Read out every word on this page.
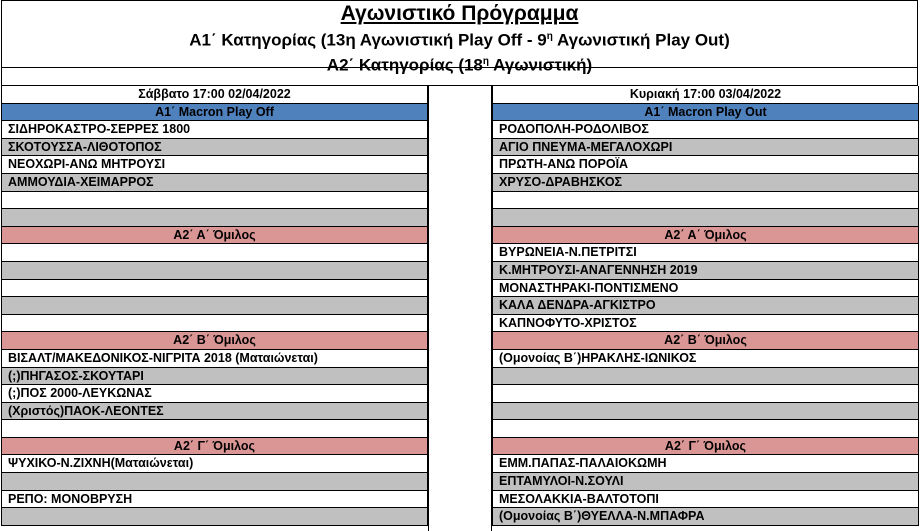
Αγωνιστικό Πρόγραμμα
Α1΄ Κατηγορίας (13η Αγωνιστική Play Off - $9^\eta$ Αγωνιστική Play Out)
Α2΄ Κατηγορίας ($18^\eta$ Αγωνιστική)
Σάββατο 17:00 02/04/2022
Α1΄ Macron Play Off
ΣΙΔΗΡΟΚΑΣΤΡΟ-ΣΕΡΡΕΣ 1800
ΣΚΟΤΟΥΣΣΑ-ΛΙΘΟΤΟΠΟΣ
ΝΕΟΧΩΡΙ-ΑΝΩ ΜΗΤΡΟΥΣΙ
ΑΜΜΟΥΔΙΑ-ΧΕΙΜΑΡΡΟΣ
Α2΄ Α΄ Όμιλος
Α2΄ Β΄ Όμιλος
ΒΙΣΑΛΤ/ΜΑΚΕΔΟΝΙΚΟΣ-ΝΙΓΡΙΤΑ 2018 (Ματαιώνεται)
(;)ΠΗΓΑΣΟΣ-ΣΚΟΥΤΑΡΙ
(;)ΠΟΣ 2000-ΛΕΥΚΩΝΑΣ
(Χριστός)ΠΑΟΚ-ΛΕΟΝΤΕΣ
Α2΄ Γ΄ Όμιλος
ΨΥΧΙΚΟ-Ν.ΖΙΧΝΗ(Ματαιώνεται)
ΡΕΠΟ: ΜΟΝΟΒΡΥΣΗ
Κυριακή 17:00 03/04/2022
Α1΄ Macron Play Out
ΡΟΔΟΠΟΛΗ-ΡΟΔΟΛΙΒΟΣ
ΑΓΙΟ ΠΝΕΥΜΑ-ΜΕΓΑΛΟΧΩΡΙ
ΠΡΩΤΗ-ΑΝΩ ΠΟΡΟΪΑ
ΧΡΥΣΟ-ΔΡΑΒΗΣΚΟΣ
Α2΄ Α΄ Όμιλος
ΒΥΡΩΝΕΙΑ-Ν.ΠΕΤΡΙΤΣΙ
Κ.ΜΗΤΡΟΥΣΙ-ΑΝΑΓΕΝΝΗΣΗ 2019
ΜΟΝΑΣΤΗΡΑΚΙ-ΠΟΝΤΙΣΜΕΝΟ
ΚΑΛΑ ΔΕΝΔΡΑ-ΑΓΚΙΣΤΡΟ
ΚΑΠΝΟΦΥΤΟ-ΧΡΙΣΤΟΣ
Α2΄ Β΄ Όμιλος
(Ομονοίας Β΄)ΗΡΑΚΛΗΣ-ΙΩΝΙΚΟΣ
Α2΄ Γ΄ Όμιλος
ΕΜΜ.ΠΑΠΑΣ-ΠΑΛΑΙΟΚΩΜΗ
ΕΠΤΑΜΥΛΟΙ-Ν.ΣΟΥΛΙ
ΜΕΣΟΛΑΚΚΙΑ-ΒΑΛΤΟΤΟΠΙ
(Ομονοίας Β΄)ΘΥΕΛΛΑ-Ν.ΜΠΑΦΡΑ
